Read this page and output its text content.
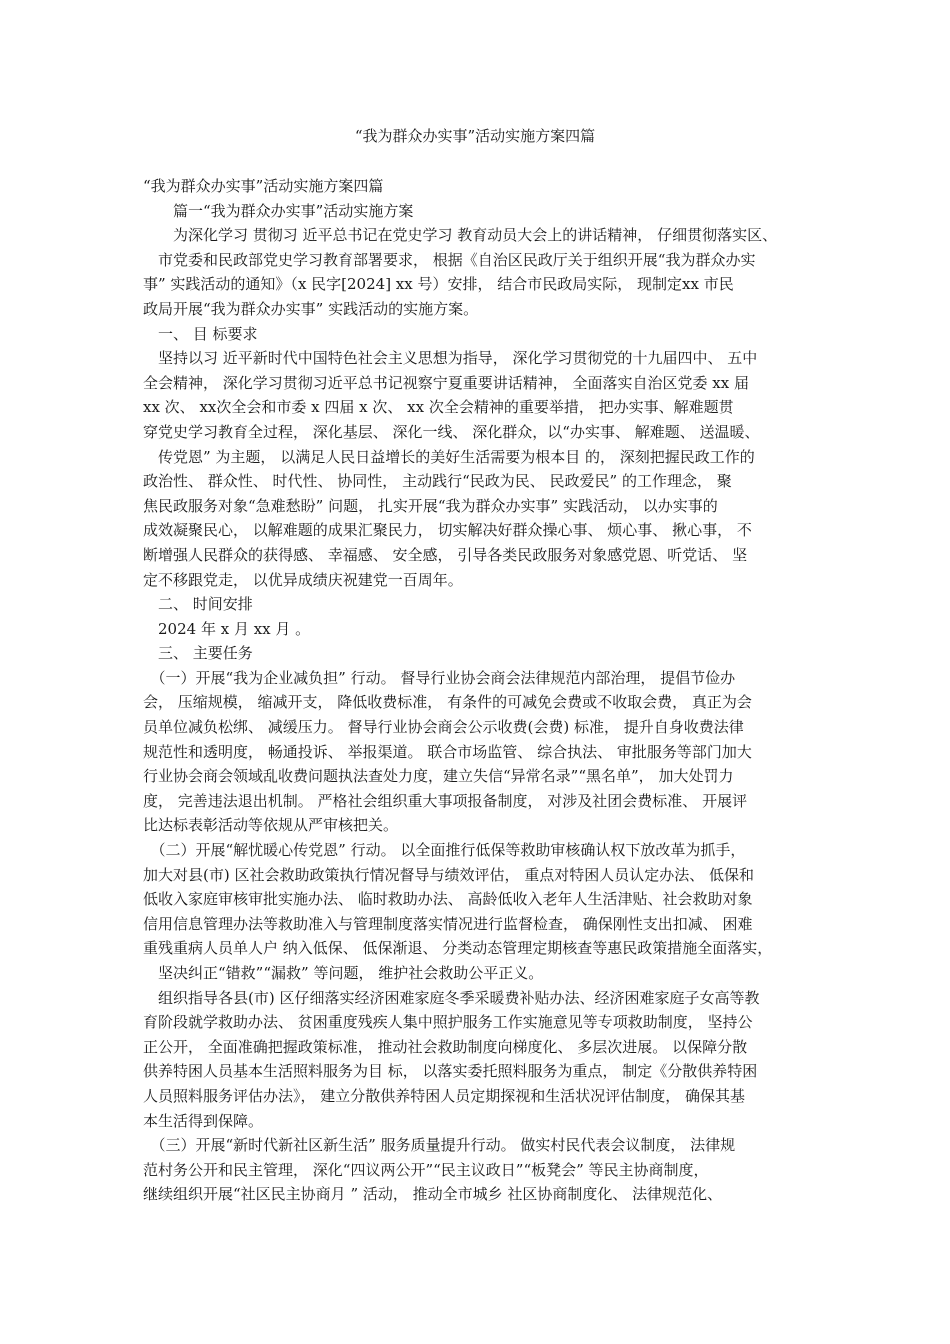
“我为群众办实事”活动实施方案四篇
“我为群众办实事”活动实施方案四篇
　　篇一“我为群众办实事”活动实施方案
　　为深化学习 贯彻习 近平总书记在党史学习 教育动员大会上的讲话精神， 仔细贯彻落实区、
　市党委和民政部党史学习教育部署要求， 根据《自治区民政厅关于组织开展“我为群众办实
事” 实践活动的通知》（x 民字[2024] xx 号）安排， 结合市民政局实际， 现制定xx 市民
政局开展“我为群众办实事” 实践活动的实施方案。
　一、 目 标要求
　坚持以习 近平新时代中国特色社会主义思想为指导， 深化学习贯彻党的十九届四中、 五中
全会精神， 深化学习贯彻习近平总书记视察宁夏重要讲话精神， 全面落实自治区党委 xx 届
xx 次、 xx次全会和市委 x 四届 x 次、 xx 次全会精神的重要举措， 把办实事、解难题贯
穿党史学习教育全过程， 深化基层、 深化一线、 深化群众，以“办实事、 解难题、 送温暖、
　传党恩” 为主题， 以满足人民日益增长的美好生活需要为根本目 的， 深刻把握民政工作的
政治性、 群众性、 时代性、 协同性， 主动践行“民政为民、 民政爱民” 的工作理念， 聚
焦民政服务对象“急难愁盼” 问题， 扎实开展“我为群众办实事” 实践活动， 以办实事的
成效凝聚民心， 以解难题的成果汇聚民力， 切实解决好群众操心事、 烦心事、 揪心事， 不
断增强人民群众的获得感、 幸福感、 安全感， 引导各类民政服务对象感党恩、听党话、 坚
定不移跟党走， 以优异成绩庆祝建党一百周年。
　二、 时间安排
　2024 年 x 月 xx 月 。
　三、 主要任务
　（一）开展“我为企业减负担” 行动。 督导行业协会商会法律规范内部治理， 提倡节俭办
会， 压缩规模， 缩减开支， 降低收费标准， 有条件的可减免会费或不收取会费， 真正为会
员单位减负松绑、 减缓压力。 督导行业协会商会公示收费(会费) 标准， 提升自身收费法律
规范性和透明度， 畅通投诉、 举报渠道。 联合市场监管、 综合执法、 审批服务等部门加大
行业协会商会领域乱收费问题执法查处力度，建立失信“异常名录”“黑名单”， 加大处罚力
度， 完善违法退出机制。 严格社会组织重大事项报备制度， 对涉及社团会费标准、 开展评
比达标表彰活动等依规从严审核把关。
　（二）开展“解忧暖心传党恩” 行动。 以全面推行低保等救助审核确认权下放改革为抓手，
加大对县(市) 区社会救助政策执行情况督导与绩效评估， 重点对特困人员认定办法、 低保和
低收入家庭审核审批实施办法、 临时救助办法、 高龄低收入老年人生活津贴、社会救助对象
信用信息管理办法等救助准入与管理制度落实情况进行监督检查， 确保刚性支出扣减、 困难
重残重病人员单人户 纳入低保、 低保渐退、 分类动态管理定期核查等惠民政策措施全面落实，
　坚决纠正“错救”“漏救” 等问题， 维护社会救助公平正义。
　组织指导各县(市) 区仔细落实经济困难家庭冬季采暖费补贴办法、经济困难家庭子女高等教
育阶段就学救助办法、 贫困重度残疾人集中照护服务工作实施意见等专项救助制度， 坚持公
正公开， 全面准确把握政策标准， 推动社会救助制度向梯度化、 多层次进展。 以保障分散
供养特困人员基本生活照料服务为目 标， 以落实委托照料服务为重点， 制定《分散供养特困
人员照料服务评估办法》， 建立分散供养特困人员定期探视和生活状况评估制度， 确保其基
本生活得到保障。
　（三）开展“新时代新社区新生活” 服务质量提升行动。 做实村民代表会议制度， 法律规
范村务公开和民主管理， 深化“四议两公开”“民主议政日”“板凳会” 等民主协商制度，
继续组织开展“社区民主协商月 ” 活动， 推动全市城乡 社区协商制度化、 法律规范化、
